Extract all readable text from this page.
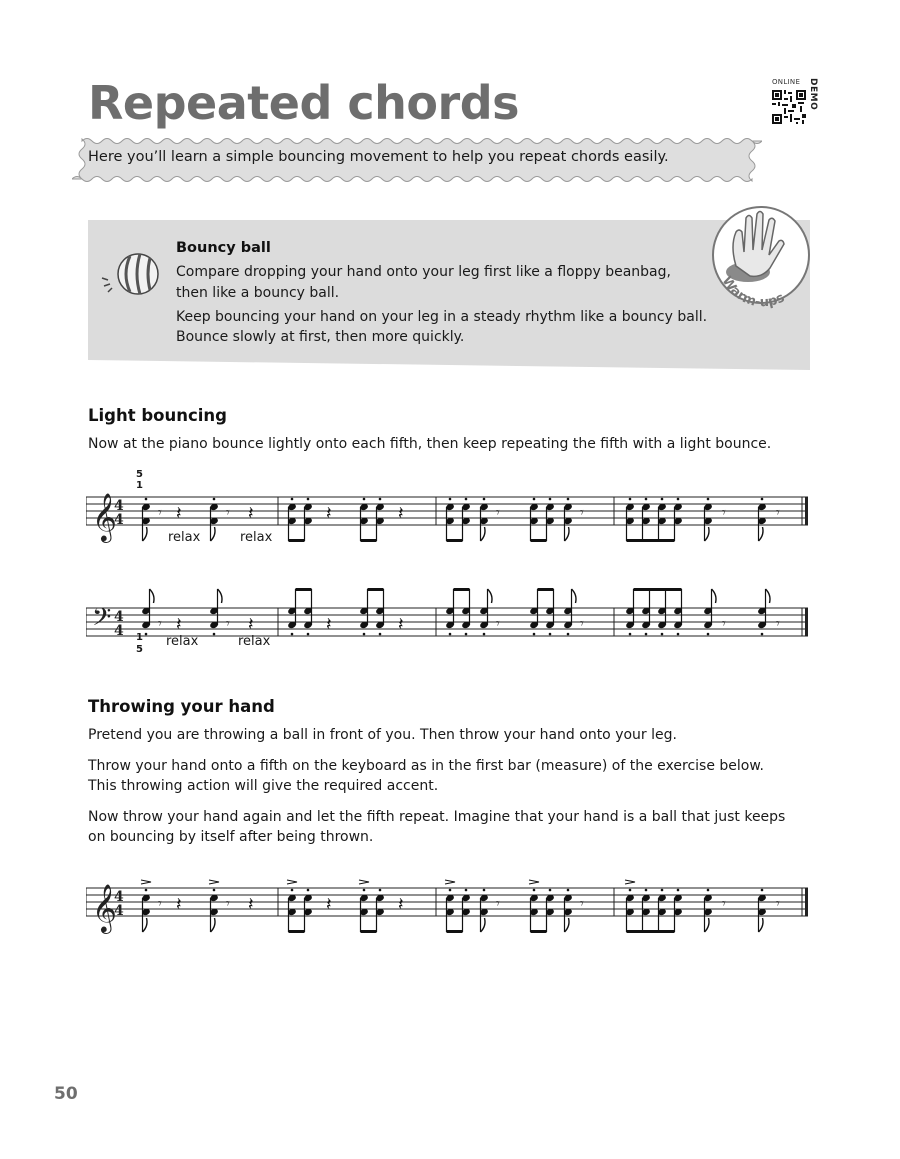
Repeated chords	ONLINE DEMO
Here you’ll learn a simple bouncing movement to help you repeat chords easily.
Warm-ups
Bouncy ball
Compare dropping your hand onto your leg first like a floppy beanbag,
then like a bouncy ball.
Keep bouncing your hand on your leg in a steady rhythm like a bouncy ball.
Bounce slowly at first, then more quickly.
Light bouncing
Now at the piano bounce lightly onto each fifth, then keep repeating the fifth with a light bounce.
𝄞
4
4 𝄾 𝄽	𝄾 𝄽	𝄽	𝄽	𝄾	𝄾	𝄾	𝄾
5
1
relax	relax
𝄢 4
4 𝄾 𝄽	𝄾 𝄽	𝄽	𝄽	𝄾	𝄾	𝄾	𝄾
1
5
relax	relax
Throwing your hand
Pretend you are throwing a ball in front of you. Then throw your hand onto your leg.
Throw your hand onto a fifth on the keyboard as in the first bar (measure) of the exercise below. This throwing action will give the required accent.
Now throw your hand again and let the fifth repeat. Imagine that your hand is a ball that just keeps on bouncing by itself after being thrown.
𝄞
4
4 𝄾 𝄽	𝄾 𝄽	𝄽	𝄽	𝄾	𝄾	𝄾	𝄾
50
